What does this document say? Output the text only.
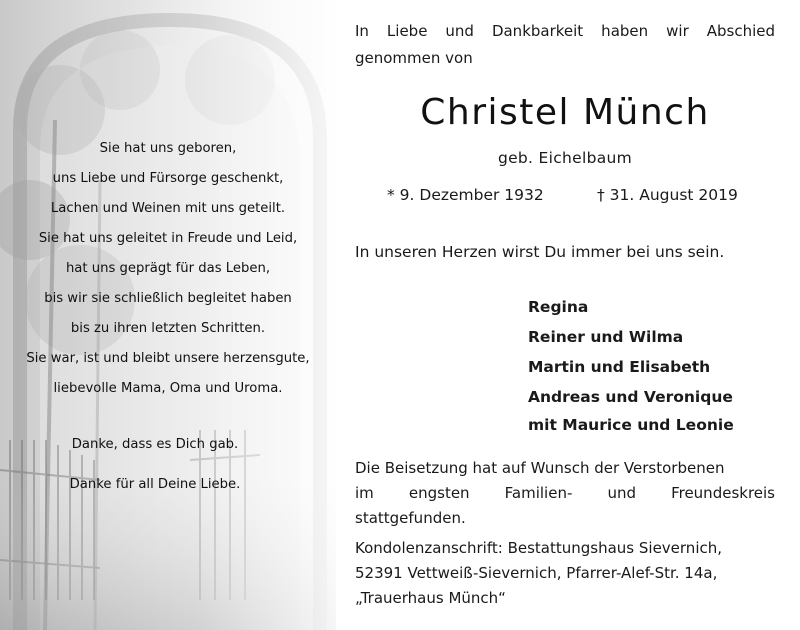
Sie hat uns geboren,
uns Liebe und Fürsorge geschenkt,
Lachen und Weinen mit uns geteilt.
Sie hat uns geleitet in Freude und Leid,
hat uns geprägt für das Leben,
bis wir sie schließlich begleitet haben
bis zu ihren letzten Schritten.
Sie war, ist und bleibt unsere herzensgute,
liebevolle Mama, Oma und Uroma.
Danke, dass es Dich gab.
Danke für all Deine Liebe.
In Liebe und Dankbarkeit haben wir Abschied
genommen von
Christel Münch
geb. Eichelbaum
* 9. Dezember 1932	† 31. August 2019
In unseren Herzen wirst Du immer bei uns sein.
Regina
Reiner und Wilma
Martin und Elisabeth
Andreas und Veronique
mit Maurice und Leonie
Die Beisetzung hat auf Wunsch der Verstorbenen
im engsten Familien- und Freundeskreis
stattgefunden.
Kondolenzanschrift: Bestattungshaus Sievernich,
52391 Vettweiß-Sievernich, Pfarrer-Alef-Str. 14a,
„Trauerhaus Münch“
